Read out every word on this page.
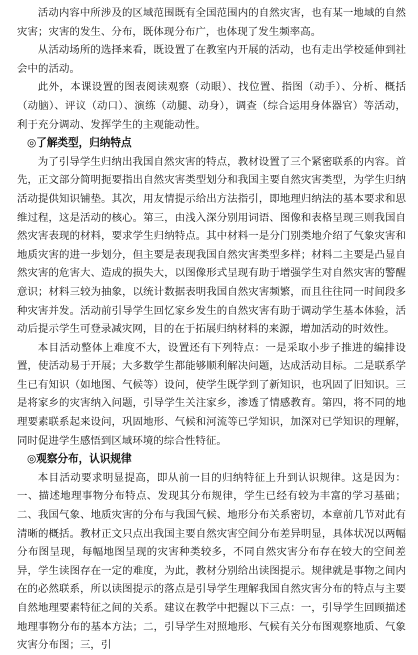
活动内容中所涉及的区域范围既有全国范围内的自然灾害，也有某一地域的自然灾害；灾害的发生、分布，既体现分布广，也体现了发生频率高。

从活动场所的选择来看，既设置了在教室内开展的活动，也有走出学校延伸到社会中的活动。

此外，本课设置的图表阅读观察（动眼）、找位置、指图（动手）、分析、概括（动脑）、评议（动口）、演练（动腿、动身），调查（综合运用身体器官）等活动，利于充分调动、发挥学生的主观能动性。

◎了解类型，归纳特点

为了引导学生归纳出我国自然灾害的特点，教材设置了三个紧密联系的内容。首先，正文部分简明扼要指出自然灾害类型划分和我国主要自然灾害类型，为学生归纳活动提供知识铺垫。其次，用友情提示给出方法指引，即地理归纳法的基本要求和思维过程，这是活动的核心。第三，由浅入深分别用词语、图像和表格呈现三则我国自然灾害表现的材料，要求学生归纳特点。其中材料一是分门别类地介绍了气象灾害和地质灾害的进一步划分，但主要是表现我国自然灾害类型多样；材料二主要是凸显自然灾害的危害大、造成的损失大，以图像形式呈现有助于增强学生对自然灾害的警醒意识；材料三较为抽象，以统计数据表明我国自然灾害频繁，而且往往同一时间段多种灾害并发。活动前引导学生回忆家乡发生的自然灾害有助于调动学生基本体验，活动后提示学生可登录减灾网，目的在于拓展归纳材料的来源，增加活动的时效性。

本目活动整体上难度不大，设置还有下列特点：一是采取小步子推进的编排设置，使活动易于开展；大多数学生都能够顺利解决问题，达成活动目标。二是联系学生已有知识（如地图、气候等）设问，使学生既学到了新知识，也巩固了旧知识。三是将家乡的灾害纳入问题，引导学生关注家乡，渗透了情感教育。第四，将不同的地理要素联系起来设问，巩固地形、气候和河流等已学知识，加深对已学知识的理解，同时促进学生感悟到区域环境的综合性特征。

◎观察分布，认识规律

本目活动要求明显提高，即从前一目的归纳特征上升到认识规律。这是因为：一、描述地理事物分布特点、发现其分布规律，学生已经有较为丰富的学习基础；二、我国气象、地质灾害的分布与我国气候、地形分布关系密切，本章前几节对此有清晰的概括。教材正文只点出我国主要自然灾害空间分布差异明显，具体状况以两幅分布图呈现，每幅地图呈现的灾害种类较多，不同自然灾害分布存在较大的空间差异，学生读图存在一定的难度，为此，教材分别给出读图提示。规律就是事物之间内在的必然联系，所以读图提示的落点是引导学生理解我国自然灾害分布的特点与主要自然地理要素特征之间的关系。建议在教学中把握以下三点：一，引导学生回顾描述地理事物分布的基本方法；二，引导学生对照地形、气候有关分布图观察地质、气象灾害分布图；三，引
